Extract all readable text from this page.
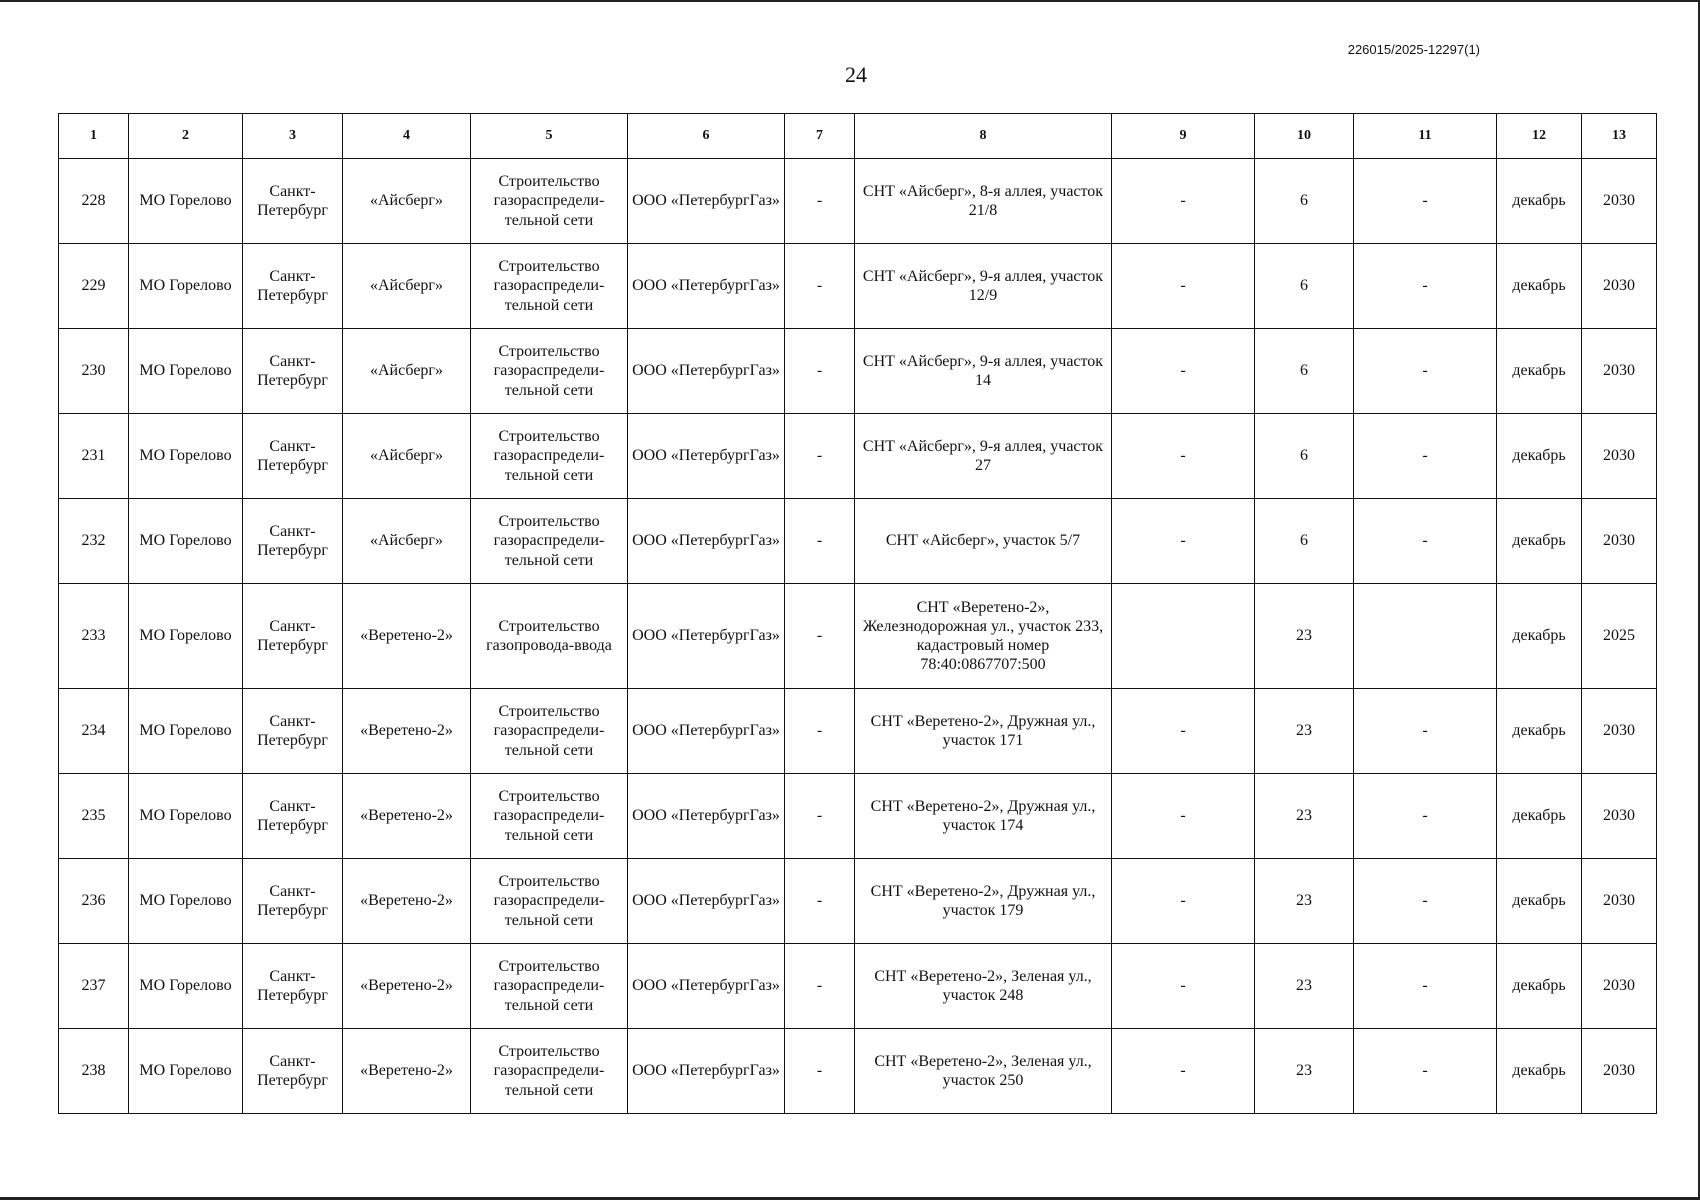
226015/2025-12297(1)
24
1	2	3	4	5	6	7	8	9	10	11	12	13
228	МО Горелово	Санкт-Петербург	«Айсберг»	Строительство газораспредели-тельной сети	ООО «ПетербургГаз»	-	СНТ «Айсберг», 8-я аллея, участок 21/8	-	6	-	декабрь	2030
229	МО Горелово	Санкт-Петербург	«Айсберг»	Строительство газораспредели-тельной сети	ООО «ПетербургГаз»	-	СНТ «Айсберг», 9-я аллея, участок 12/9	-	6	-	декабрь	2030
230	МО Горелово	Санкт-Петербург	«Айсберг»	Строительство газораспредели-тельной сети	ООО «ПетербургГаз»	-	СНТ «Айсберг», 9-я аллея, участок 14	-	6	-	декабрь	2030
231	МО Горелово	Санкт-Петербург	«Айсберг»	Строительство газораспредели-тельной сети	ООО «ПетербургГаз»	-	СНТ «Айсберг», 9-я аллея, участок 27	-	6	-	декабрь	2030
232	МО Горелово	Санкт-Петербург	«Айсберг»	Строительство газораспредели-тельной сети	ООО «ПетербургГаз»	-	СНТ «Айсберг», участок 5/7	-	6	-	декабрь	2030
233	МО Горелово	Санкт-Петербург	«Веретено-2»	Строительство газопровода-ввода	ООО «ПетербургГаз»	-	СНТ «Веретено-2», Железнодорожная ул., участок 233, кадастровый номер 78:40:0867707:500		23		декабрь	2025
234	МО Горелово	Санкт-Петербург	«Веретено-2»	Строительство газораспредели-тельной сети	ООО «ПетербургГаз»	-	СНТ «Веретено-2», Дружная ул., участок 171	-	23	-	декабрь	2030
235	МО Горелово	Санкт-Петербург	«Веретено-2»	Строительство газораспредели-тельной сети	ООО «ПетербургГаз»	-	СНТ «Веретено-2», Дружная ул., участок 174	-	23	-	декабрь	2030
236	МО Горелово	Санкт-Петербург	«Веретено-2»	Строительство газораспредели-тельной сети	ООО «ПетербургГаз»	-	СНТ «Веретено-2», Дружная ул., участок 179	-	23	-	декабрь	2030
237	МО Горелово	Санкт-Петербург	«Веретено-2»	Строительство газораспредели-тельной сети	ООО «ПетербургГаз»	-	СНТ «Веретено-2», Зеленая ул., участок 248	-	23	-	декабрь	2030
238	МО Горелово	Санкт-Петербург	«Веретено-2»	Строительство газораспредели-тельной сети	ООО «ПетербургГаз»	-	СНТ «Веретено-2», Зеленая ул., участок 250	-	23	-	декабрь	2030
